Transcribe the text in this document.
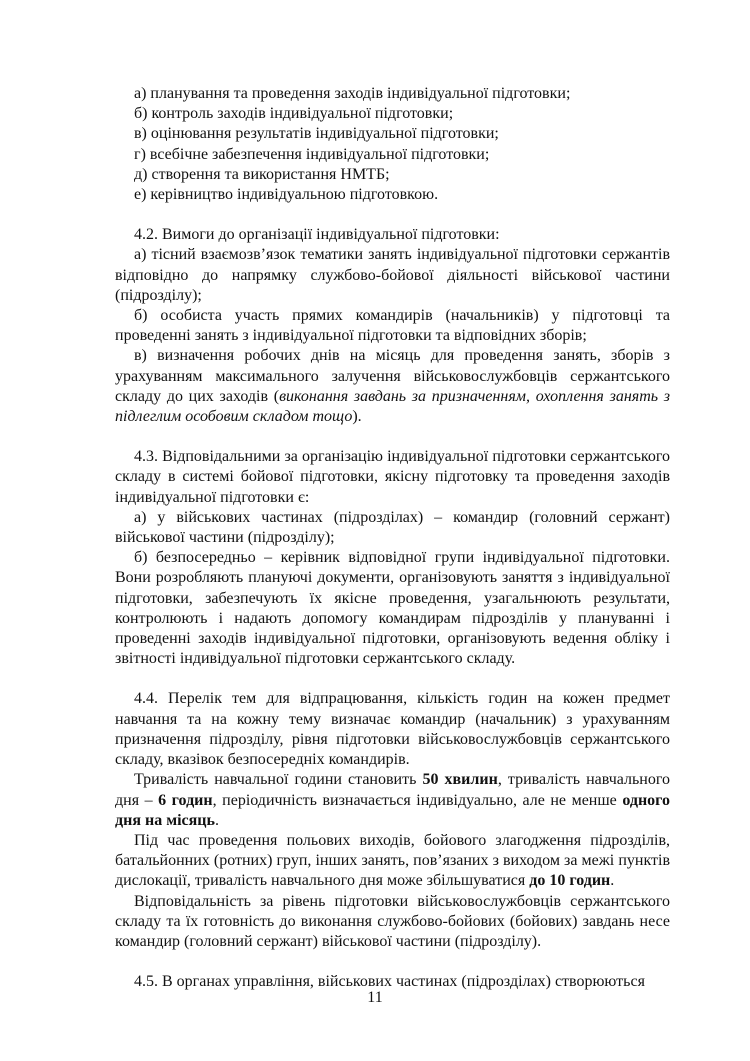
а) планування та проведення заходів індивідуальної підготовки;

б) контроль заходів індивідуальної підготовки;

в) оцінювання результатів індивідуальної підготовки;

г) всебічне забезпечення індивідуальної підготовки;

д) створення та використання НМТБ;

е) керівництво індивідуальною підготовкою.

4.2. Вимоги до організації індивідуальної підготовки:

а) тісний взаємозв’язок тематики занять індивідуальної підготовки сержантів відповідно до напрямку службово-бойової діяльності військової частини (підрозділу);

б) особиста участь прямих командирів (начальників) у підготовці та проведенні занять з індивідуальної підготовки та відповідних зборів;

в) визначення робочих днів на місяць для проведення занять, зборів з урахуванням максимального залучення військовослужбовців сержантського складу до цих заходів (виконання завдань за призначенням, охоплення занять з підлеглим особовим складом тощо).

4.3. Відповідальними за організацію індивідуальної підготовки сержантського складу в системі бойової підготовки, якісну підготовку та проведення заходів індивідуальної підготовки є:

а) у військових частинах (підрозділах) – командир (головний сержант) військової частини (підрозділу);

б) безпосередньо – керівник відповідної групи індивідуальної підготовки. Вони розробляють плануючі документи, організовують заняття з індивідуальної підготовки, забезпечують їх якісне проведення, узагальнюють результати, контролюють і надають допомогу командирам підрозділів у плануванні і проведенні заходів індивідуальної підготовки, організовують ведення обліку і звітності індивідуальної підготовки сержантського складу.

4.4. Перелік тем для відпрацювання, кількість годин на кожен предмет навчання та на кожну тему визначає командир (начальник) з урахуванням призначення підрозділу, рівня підготовки військовослужбовців сержантського складу, вказівок безпосередніх командирів.

Тривалість навчальної години становить 50 хвилин, тривалість навчального дня – 6 годин, періодичність визначається індивідуально, але не менше одного дня на місяць.

Під час проведення польових виходів, бойового злагодження підрозділів, батальйонних (ротних) груп, інших занять, пов’язаних з виходом за межі пунктів дислокації, тривалість навчального дня може збільшуватися до 10 годин.

Відповідальність за рівень підготовки військовослужбовців сержантського складу та їх готовність до виконання службово-бойових (бойових) завдань несе командир (головний сержант) військової частини (підрозділу).

4.5. В органах управління, військових частинах (підрозділах) створюються

11
